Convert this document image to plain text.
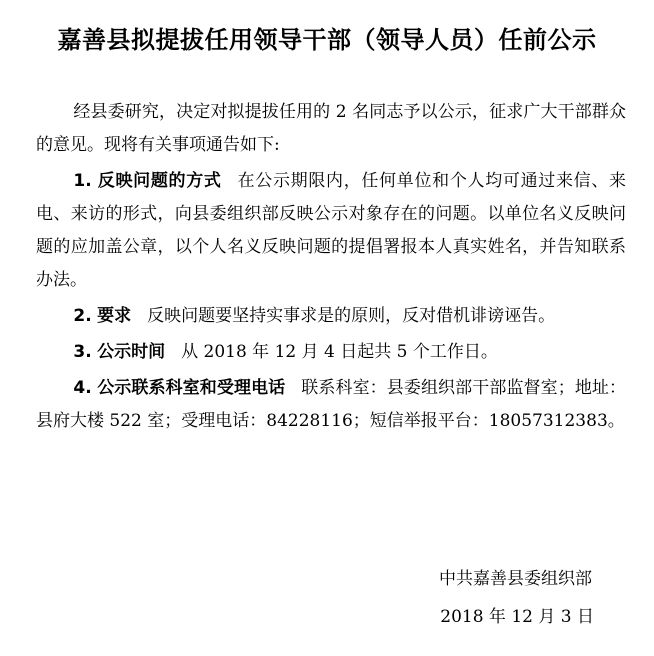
嘉善县拟提拔任用领导干部（领导人员）任前公示

经县委研究，决定对拟提拔任用的 2 名同志予以公示，征求广大干部群众的意见。现将有关事项通告如下:

1. 反映问题的方式 在公示期限内，任何单位和个人均可通过来信、来电、来访的形式，向县委组织部反映公示对象存在的问题。以单位名义反映问题的应加盖公章，以个人名义反映问题的提倡署报本人真实姓名，并告知联系办法。

2. 要求 反映问题要坚持实事求是的原则，反对借机诽谤诬告。

3. 公示时间 从 2018 年 12 月 4 日起共 5 个工作日。

4. 公示联系科室和受理电话 联系科室：县委组织部干部监督室；地址：县府大楼 522 室；受理电话：84228116；短信举报平台：18057312383。

中共嘉善县委组织部
2018 年 12 月 3 日
